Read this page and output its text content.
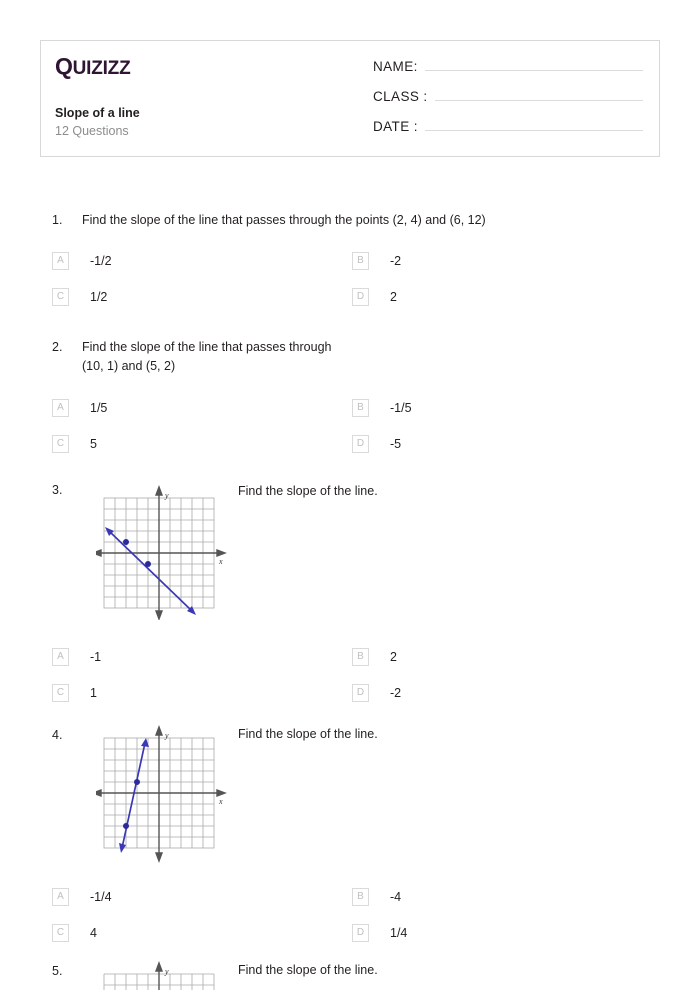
QUIZIZZ
Slope of a line
12 Questions
NAME:
CLASS :
DATE :
1.	Find the slope of the line that passes through the points (2, 4) and (6, 12)
A	-1/2	B	-2
C	1/2	D	2
2.	Find the slope of the line that passes through (10, 1) and (5, 2)
A	1/5	B	-1/5
C	5	D	-5
3.	Find the slope of the line.
y
x
A	-1	B	2
C	1	D	-2
4.	Find the slope of the line.
y
x
A	-1/4	B	-4
C	4	D	1/4
5.	Find the slope of the line.
y
